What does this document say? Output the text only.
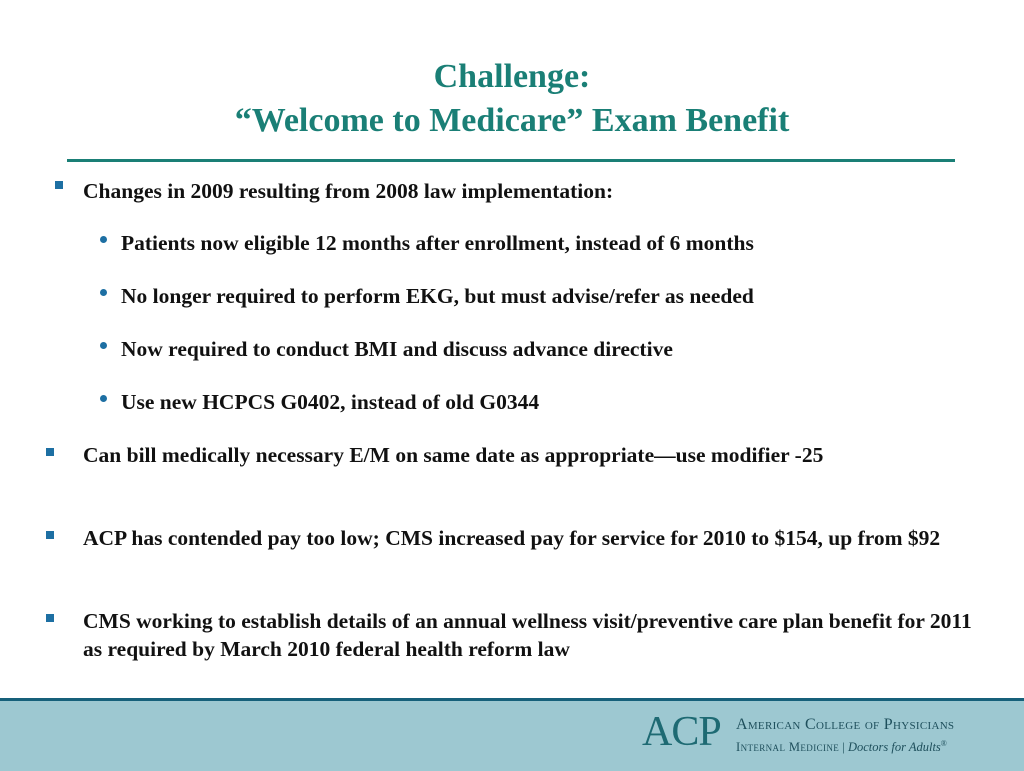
Challenge:
“Welcome to Medicare” Exam Benefit
Changes in 2009 resulting from 2008 law implementation:
Patients now eligible 12 months after enrollment, instead of 6 months
No longer required to perform EKG, but must advise/refer as needed
Now required to conduct BMI and discuss advance directive
Use new HCPCS G0402, instead of old G0344
Can bill medically necessary E/M on same date as appropriate—use modifier -25
ACP has contended pay too low; CMS increased pay for service for 2010 to $154, up from $92
CMS working to establish details of an annual wellness visit/preventive care plan benefit for 2011 as required by March 2010 federal health reform law
ACP American College of Physicians
Internal Medicine | Doctors for Adults®
